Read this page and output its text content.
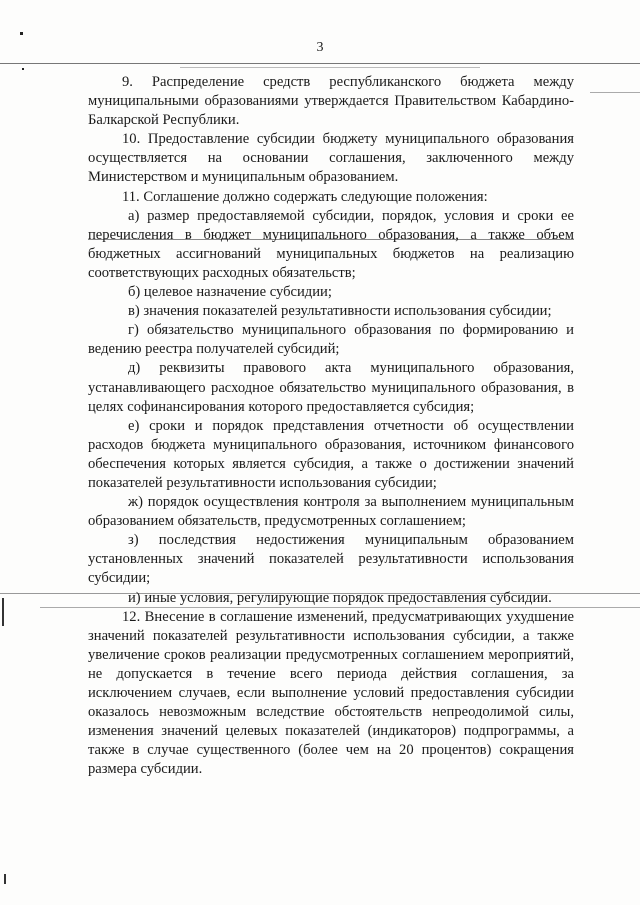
3

9. Распределение средств республиканского бюджета между муниципальными образованиями утверждается Правительством Кабардино-Балкарской Республики.

10. Предоставление субсидии бюджету муниципального образования осуществляется на основании соглашения, заключенного между Министерством и муниципальным образованием.

11. Соглашение должно содержать следующие положения:

а) размер предоставляемой субсидии, порядок, условия и сроки ее перечисления в бюджет муниципального образования, а также объем бюджетных ассигнований муниципальных бюджетов на реализацию соответствующих расходных обязательств;

б) целевое назначение субсидии;

в) значения показателей результативности использования субсидии;

г) обязательство муниципального образования по формированию и ведению реестра получателей субсидий;

д) реквизиты правового акта муниципального образования, устанавливающего расходное обязательство муниципального образования, в целях софинансирования которого предоставляется субсидия;

е) сроки и порядок представления отчетности об осуществлении расходов бюджета муниципального образования, источником финансового обеспечения которых является субсидия, а также о достижении значений показателей результативности использования субсидии;

ж) порядок осуществления контроля за выполнением муниципальным образованием обязательств, предусмотренных соглашением;

з) последствия недостижения муниципальным образованием установленных значений показателей результативности использования субсидии;

и) иные условия, регулирующие порядок предоставления субсидии.

12. Внесение в соглашение изменений, предусматривающих ухудшение значений показателей результативности использования субсидии, а также увеличение сроков реализации предусмотренных соглашением мероприятий, не допускается в течение всего периода действия соглашения, за исключением случаев, если выполнение условий предоставления субсидии оказалось невозможным вследствие обстоятельств непреодолимой силы, изменения значений целевых показателей (индикаторов) подпрограммы, а также в случае существенного (более чем на 20 процентов) сокращения размера субсидии.
